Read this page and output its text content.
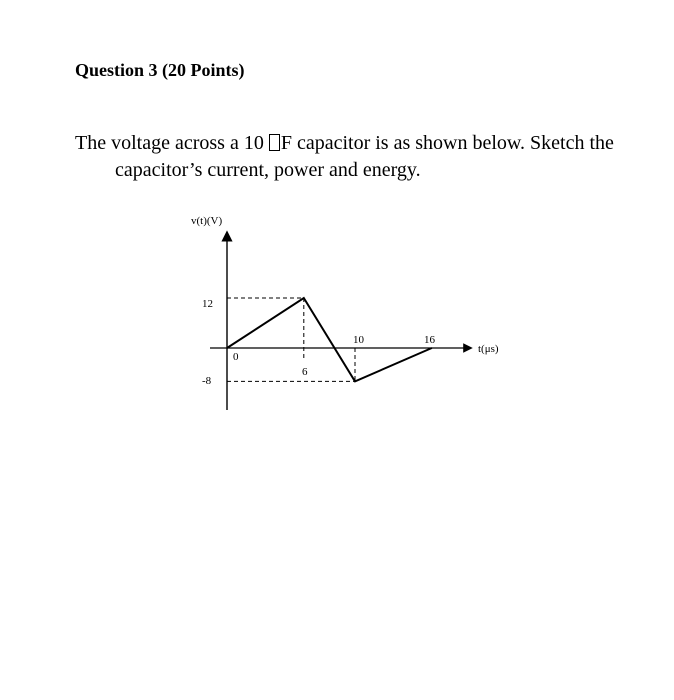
Question 3 (20 Points)
The voltage across a 10 F capacitor is as shown below. Sketch the
capacitor’s current, power and energy.
v(t)(V)
t(μs)
0
6
10	16
12
-8
